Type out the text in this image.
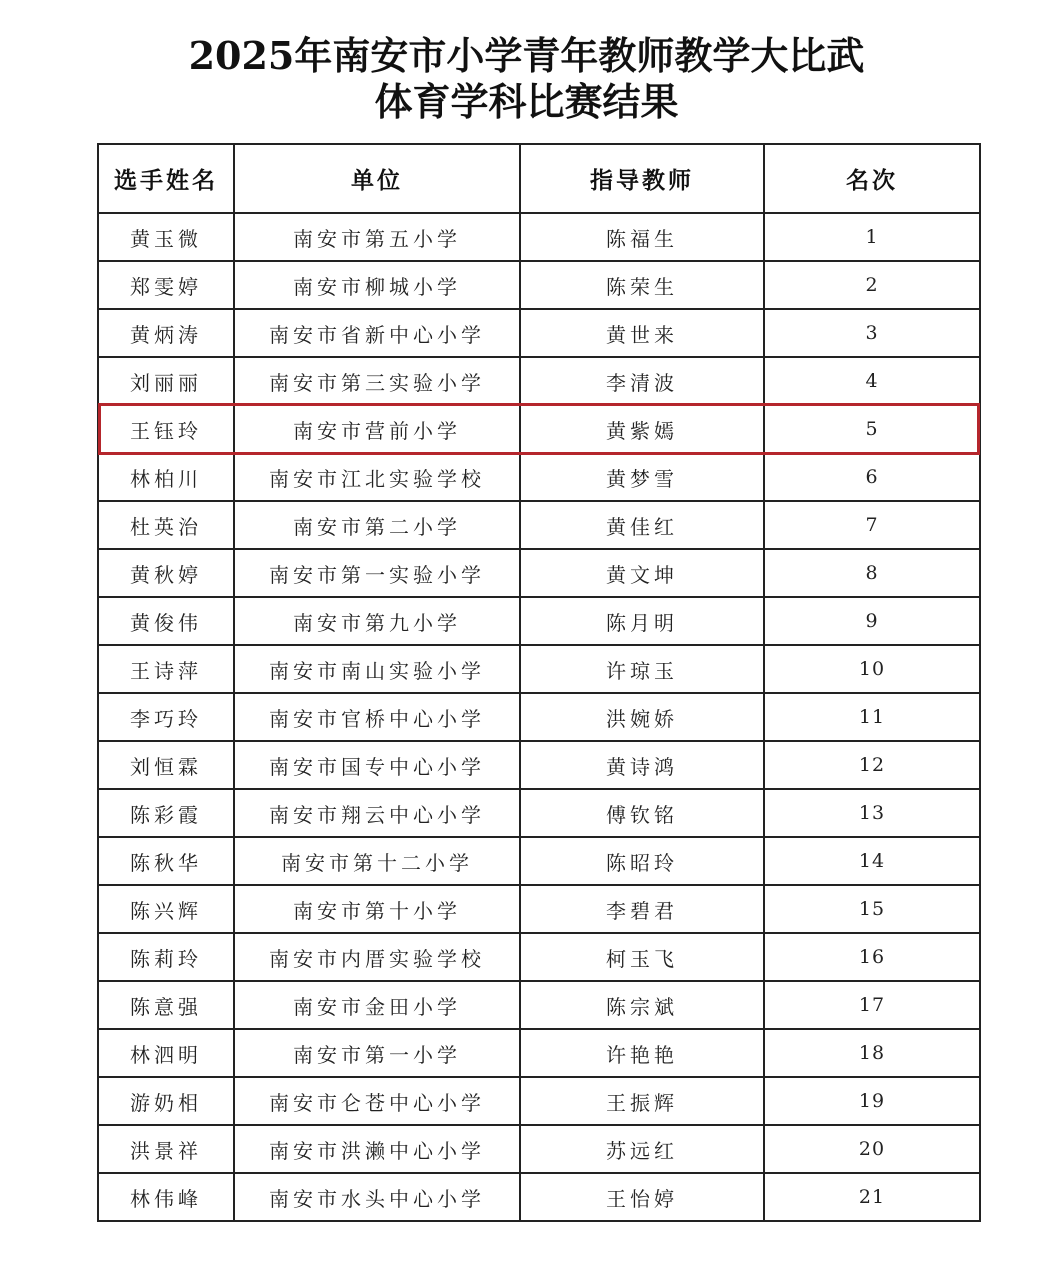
2025年南安市小学青年教师教学大比武
体育学科比赛结果
选手姓名	单位	指导教师	名次
黄玉微	南安市第五小学	陈福生	1
郑雯婷	南安市柳城小学	陈荣生	2
黄炳涛	南安市省新中心小学	黄世来	3
刘丽丽	南安市第三实验小学	李清波	4
王钰玲	南安市营前小学	黄紫嫣	5
林柏川	南安市江北实验学校	黄梦雪	6
杜英治	南安市第二小学	黄佳红	7
黄秋婷	南安市第一实验小学	黄文坤	8
黄俊伟	南安市第九小学	陈月明	9
王诗萍	南安市南山实验小学	许琼玉	10
李巧玲	南安市官桥中心小学	洪婉娇	11
刘恒霖	南安市国专中心小学	黄诗鸿	12
陈彩霞	南安市翔云中心小学	傅钦铭	13
陈秋华	南安市第十二小学	陈昭玲	14
陈兴辉	南安市第十小学	李碧君	15
陈莉玲	南安市内厝实验学校	柯玉飞	16
陈意强	南安市金田小学	陈宗斌	17
林泗明	南安市第一小学	许艳艳	18
游奶相	南安市仑苍中心小学	王振辉	19
洪景祥	南安市洪濑中心小学	苏远红	20
林伟峰	南安市水头中心小学	王怡婷	21
